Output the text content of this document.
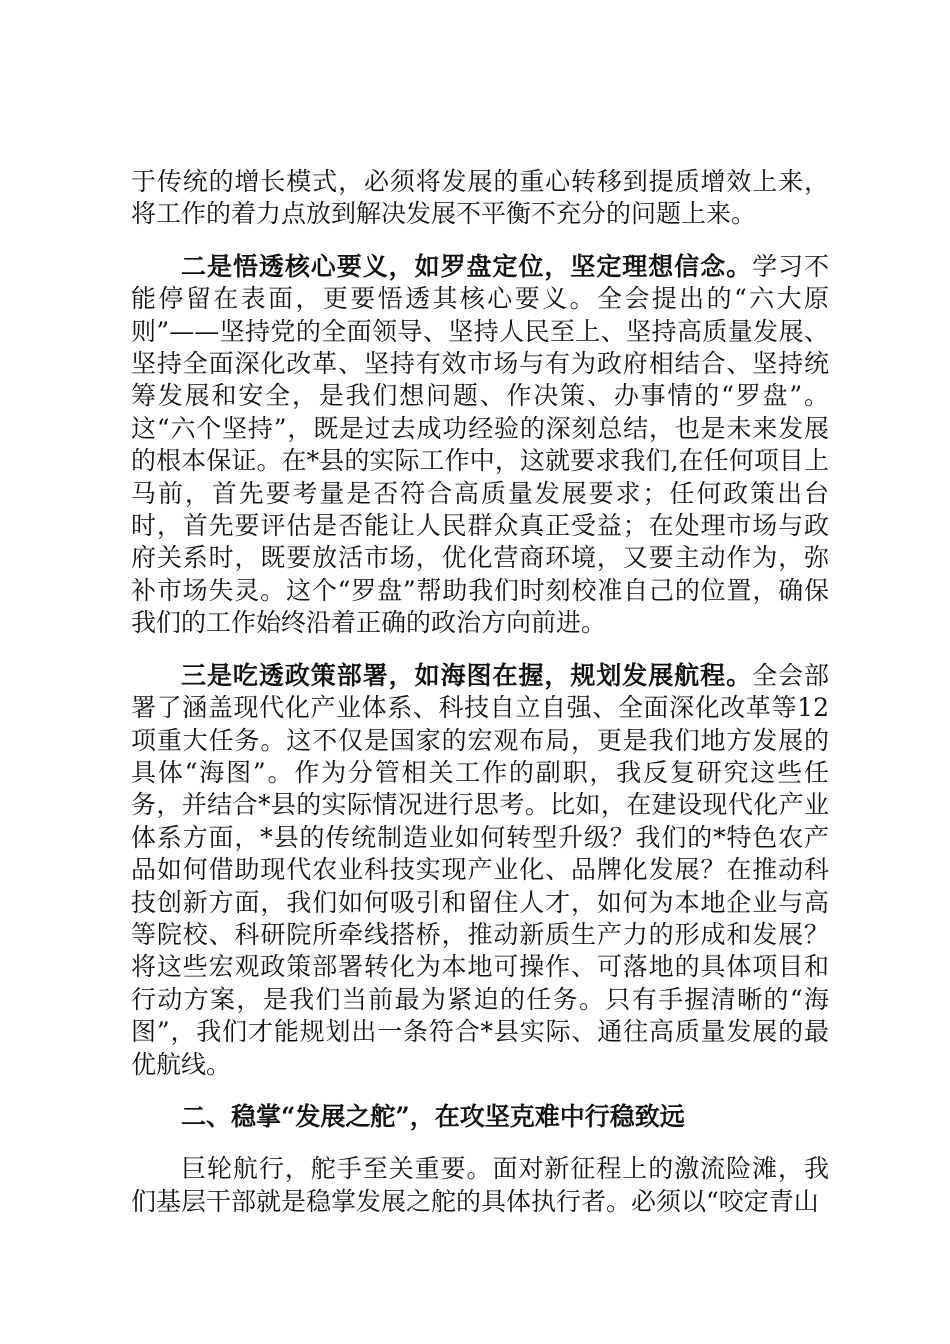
于传统的增长模式，必须将发展的重心转移到提质增效上来，将工作的着力点放到解决发展不平衡不充分的问题上来。

二是悟透核心要义，如罗盘定位，坚定理想信念。学习不能停留在表面，更要悟透其核心要义。全会提出的“六大原则”——坚持党的全面领导、坚持人民至上、坚持高质量发展、坚持全面深化改革、坚持有效市场与有为政府相结合、坚持统筹发展和安全，是我们想问题、作决策、办事情的“罗盘”。这“六个坚持”，既是过去成功经验的深刻总结，也是未来发展的根本保证。在*县的实际工作中，这就要求我们,在任何项目上马前，首先要考量是否符合高质量发展要求；任何政策出台时，首先要评估是否能让人民群众真正受益；在处理市场与政府关系时，既要放活市场，优化营商环境，又要主动作为，弥补市场失灵。这个“罗盘”帮助我们时刻校准自己的位置，确保我们的工作始终沿着正确的政治方向前进。

三是吃透政策部署，如海图在握，规划发展航程。全会部署了涵盖现代化产业体系、科技自立自强、全面深化改革等12项重大任务。这不仅是国家的宏观布局，更是我们地方发展的具体“海图”。作为分管相关工作的副职，我反复研究这些任务，并结合*县的实际情况进行思考。比如，在建设现代化产业体系方面，*县的传统制造业如何转型升级？我们的*特色农产品如何借助现代农业科技实现产业化、品牌化发展？在推动科技创新方面，我们如何吸引和留住人才，如何为本地企业与高等院校、科研院所牵线搭桥，推动新质生产力的形成和发展？将这些宏观政策部署转化为本地可操作、可落地的具体项目和行动方案，是我们当前最为紧迫的任务。只有手握清晰的“海图”，我们才能规划出一条符合*县实际、通往高质量发展的最优航线。

二、稳掌“发展之舵”，在攻坚克难中行稳致远

巨轮航行，舵手至关重要。面对新征程上的激流险滩，我们基层干部就是稳掌发展之舵的具体执行者。必须以“咬定青山
